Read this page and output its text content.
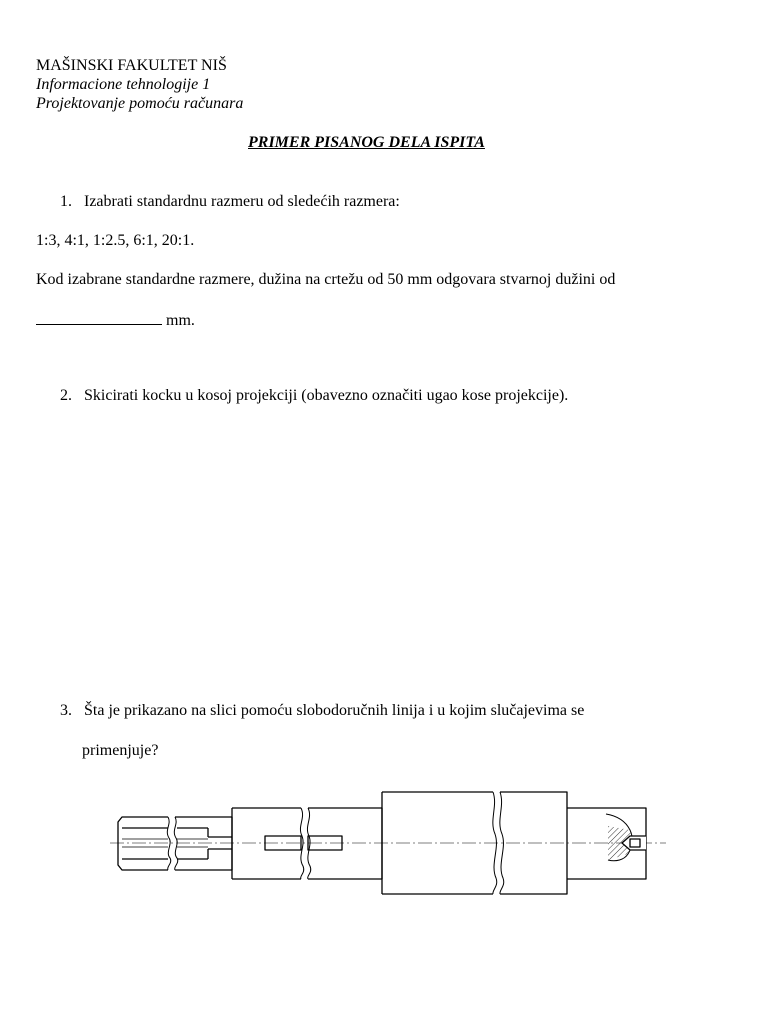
MAŠINSKI FAKULTET NIŠ
Informacione tehnologije 1
Projektovanje pomoću računara
PRIMER PISANOG DELA ISPITA
1. Izabrati standardnu razmeru od sledećih razmera:
1:3, 4:1, 1:2.5, 6:1, 20:1.
Kod izabrane standardne razmere, dužina na crtežu od 50 mm odgovara stvarnoj dužini od
mm.
2. Skicirati kocku u kosoj projekciji (obavezno označiti ugao kose projekcije).
3. Šta je prikazano na slici pomoću slobodoručnih linija i u kojim slučajevima se
primenjuje?
